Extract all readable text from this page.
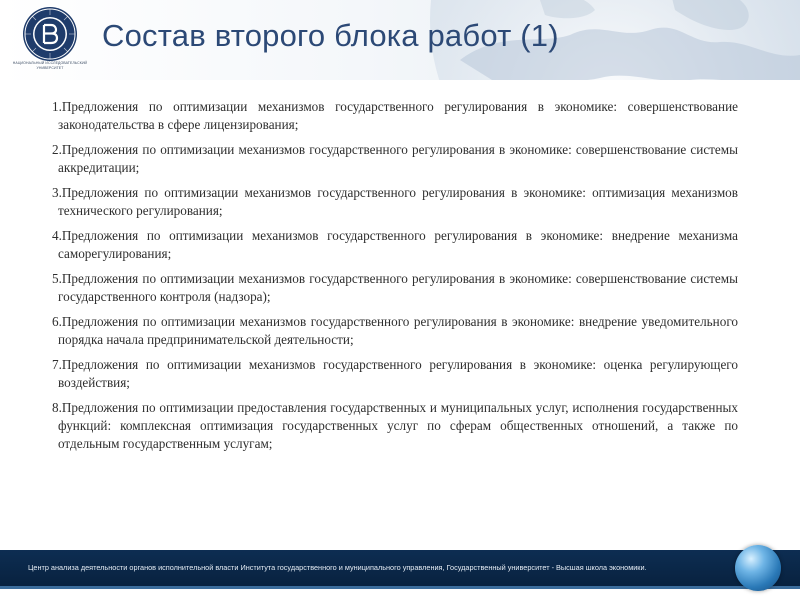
НАЦИОНАЛЬНЫЙ ИССЛЕДОВАТЕЛЬСКИЙ УНИВЕРСИТЕТ
Состав второго блока работ (1)
1.Предложения по оптимизации механизмов государственного регулирования в экономике: совершенствование законодательства в сфере лицензирования;
2.Предложения по оптимизации механизмов государственного регулирования в экономике: совершенствование системы аккредитации;
3.Предложения по оптимизации механизмов государственного регулирования в экономике: оптимизация механизмов технического регулирования;
4.Предложения по оптимизации механизмов государственного регулирования в экономике: внедрение механизма саморегулирования;
5.Предложения по оптимизации механизмов государственного регулирования в экономике: совершенствование системы государственного контроля (надзора);
6.Предложения по оптимизации механизмов государственного регулирования в экономике: внедрение уведомительного порядка начала предпринимательской деятельности;
7.Предложения по оптимизации механизмов государственного регулирования в экономике: оценка регулирующего воздействия;
8.Предложения по оптимизации предоставления государственных и муниципальных услуг, исполнения государственных функций: комплексная оптимизация государственных услуг по сферам общественных отношений, а также по отдельным государственным услугам;
Центр анализа деятельности органов исполнительной власти Института государственного и муниципального управления, Государственный университет - Высшая школа экономики.
